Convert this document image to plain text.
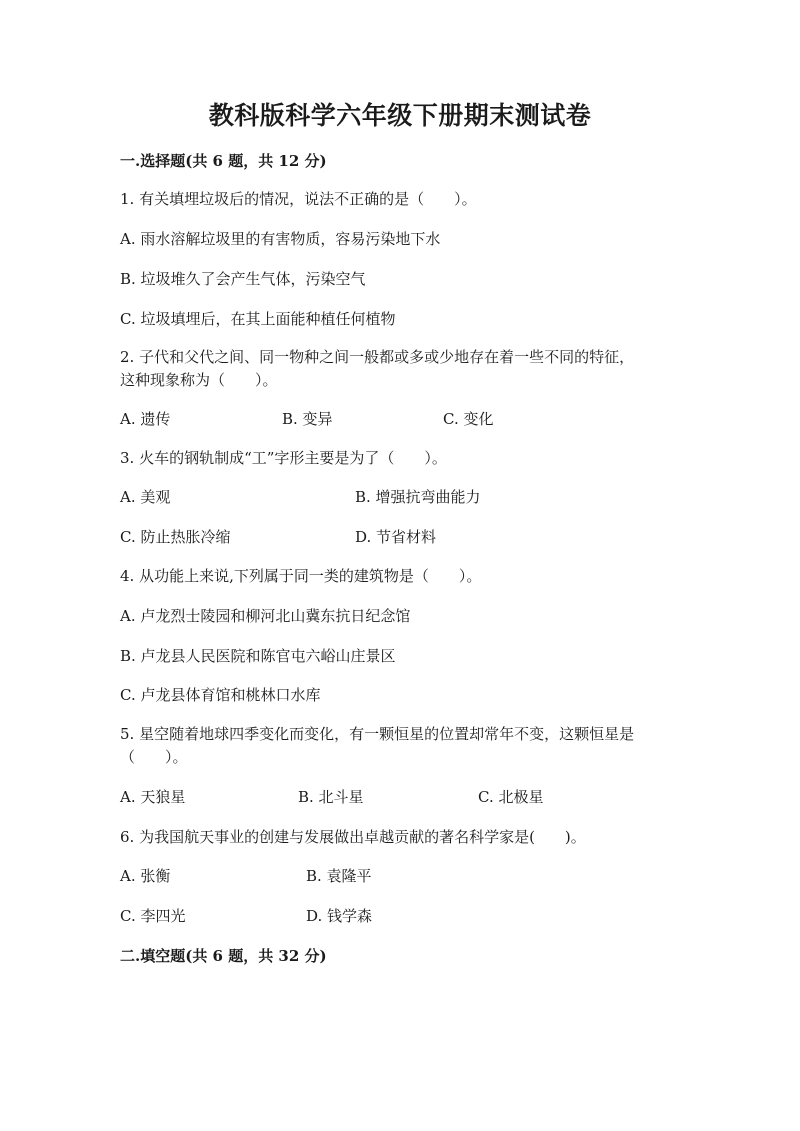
教科版科学六年级下册期末测试卷
一.选择题(共 6 题，共 12 分)
1. 有关填埋垃圾后的情况，说法不正确的是（　　）。
A. 雨水溶解垃圾里的有害物质，容易污染地下水
B. 垃圾堆久了会产生气体，污染空气
C. 垃圾填埋后，在其上面能种植任何植物
2. 子代和父代之间、同一物种之间一般都或多或少地存在着一些不同的特征，
这种现象称为（　　）。
A. 遗传	B. 变异	C. 变化
3. 火车的钢轨制成“工”字形主要是为了（　　）。
A. 美观	B. 增强抗弯曲能力
C. 防止热胀冷缩	D. 节省材料
4. 从功能上来说,下列属于同一类的建筑物是（　　）。
A. 卢龙烈士陵园和柳河北山冀东抗日纪念馆
B. 卢龙县人民医院和陈官屯六峪山庄景区
C. 卢龙县体育馆和桃林口水库
5. 星空随着地球四季变化而变化，有一颗恒星的位置却常年不变，这颗恒星是
（　　）。
A. 天狼星	B. 北斗星	C. 北极星
6. 为我国航天事业的创建与发展做出卓越贡献的著名科学家是(　　)。
A. 张衡	B. 袁隆平
C. 李四光	D. 钱学森
二.填空题(共 6 题，共 32 分)
